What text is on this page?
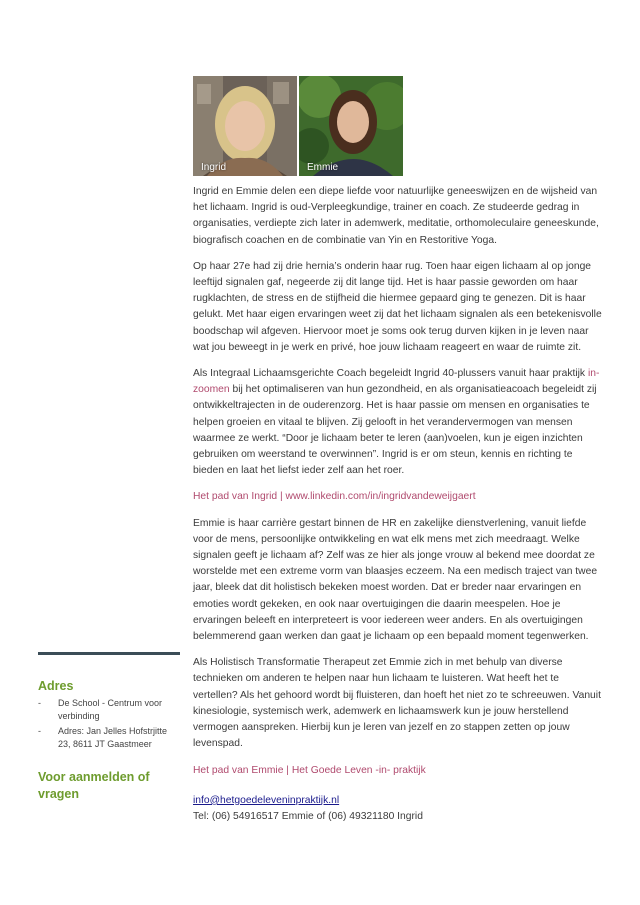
Ingrid	Emmie

Ingrid en Emmie delen een diepe liefde voor natuurlijke geneeswijzen en de wijsheid van het lichaam. Ingrid is oud-Verpleegkundige, trainer en coach. Ze studeerde gedrag in organisaties, verdiepte zich later in ademwerk, meditatie, orthomoleculaire geneeskunde, biografisch coachen en de combinatie van Yin en Restoritive Yoga.

Op haar 27e had zij drie hernia’s onderin haar rug. Toen haar eigen lichaam al op jonge leeftijd signalen gaf, negeerde zij dit lange tijd. Het is haar passie geworden om haar rugklachten, de stress en de stijfheid die hiermee gepaard ging te genezen. Dit is haar gelukt. Met haar eigen ervaringen weet zij dat het lichaam signalen als een betekenisvolle boodschap wil afgeven. Hiervoor moet je soms ook terug durven kijken in je leven naar wat jou beweegt in je werk en privé, hoe jouw lichaam reageert en waar de ruimte zit.

Als Integraal Lichaamsgerichte Coach begeleidt Ingrid 40-plussers vanuit haar praktijk in-zoomen bij het optimaliseren van hun gezondheid, en als organisatieacoach begeleidt zij ontwikkeltrajecten in de ouderenzorg. Het is haar passie om mensen en organisaties te helpen groeien en vitaal te blijven. Zij gelooft in het verandervermogen van mensen waarmee ze werkt. “Door je lichaam beter te leren (aan)voelen, kun je eigen inzichten gebruiken om weerstand te overwinnen”. Ingrid is er om steun, kennis en richting te bieden en laat het liefst ieder zelf aan het roer.

Het pad van Ingrid | www.linkedin.com/in/ingridvandeweijgaert

Emmie is haar carrière gestart binnen de HR en zakelijke dienstverlening, vanuit liefde voor de mens, persoonlijke ontwikkeling en wat elk mens met zich meedraagt. Welke signalen geeft je lichaam af? Zelf was ze hier als jonge vrouw al bekend mee doordat ze worstelde met een extreme vorm van blaasjes eczeem. Na een medisch traject van twee jaar, bleek dat dit holistisch bekeken moest worden. Dat er breder naar ervaringen en emoties wordt gekeken, en ook naar overtuigingen die daarin meespelen. Hoe je ervaringen beleeft en interpreteert is voor iedereen weer anders. En als overtuigingen belemmerend gaan werken dan gaat je lichaam op een bepaald moment tegenwerken.

Als Holistisch Transformatie Therapeut zet Emmie zich in met behulp van diverse technieken om anderen te helpen naar hun lichaam te luisteren. Wat heeft het te vertellen? Als het gehoord wordt bij fluisteren, dan hoeft het niet zo te schreeuwen. Vanuit kinesiologie, systemisch werk, ademwerk en lichaamswerk kun je jouw herstellend vermogen aanspreken. Hierbij kun je leren van jezelf en zo stappen zetten op jouw levenspad.

Het pad van Emmie | Het Goede Leven -in- praktijk

info@hetgoedeleveninpraktijk.nl
Tel: (06) 54916517 Emmie of (06) 49321180 Ingrid
Adres
- De School - Centrum voor verbinding
- Adres: Jan Jelles Hofstrjitte 23, 8611 JT Gaastmeer
Voor aanmelden of vragen
